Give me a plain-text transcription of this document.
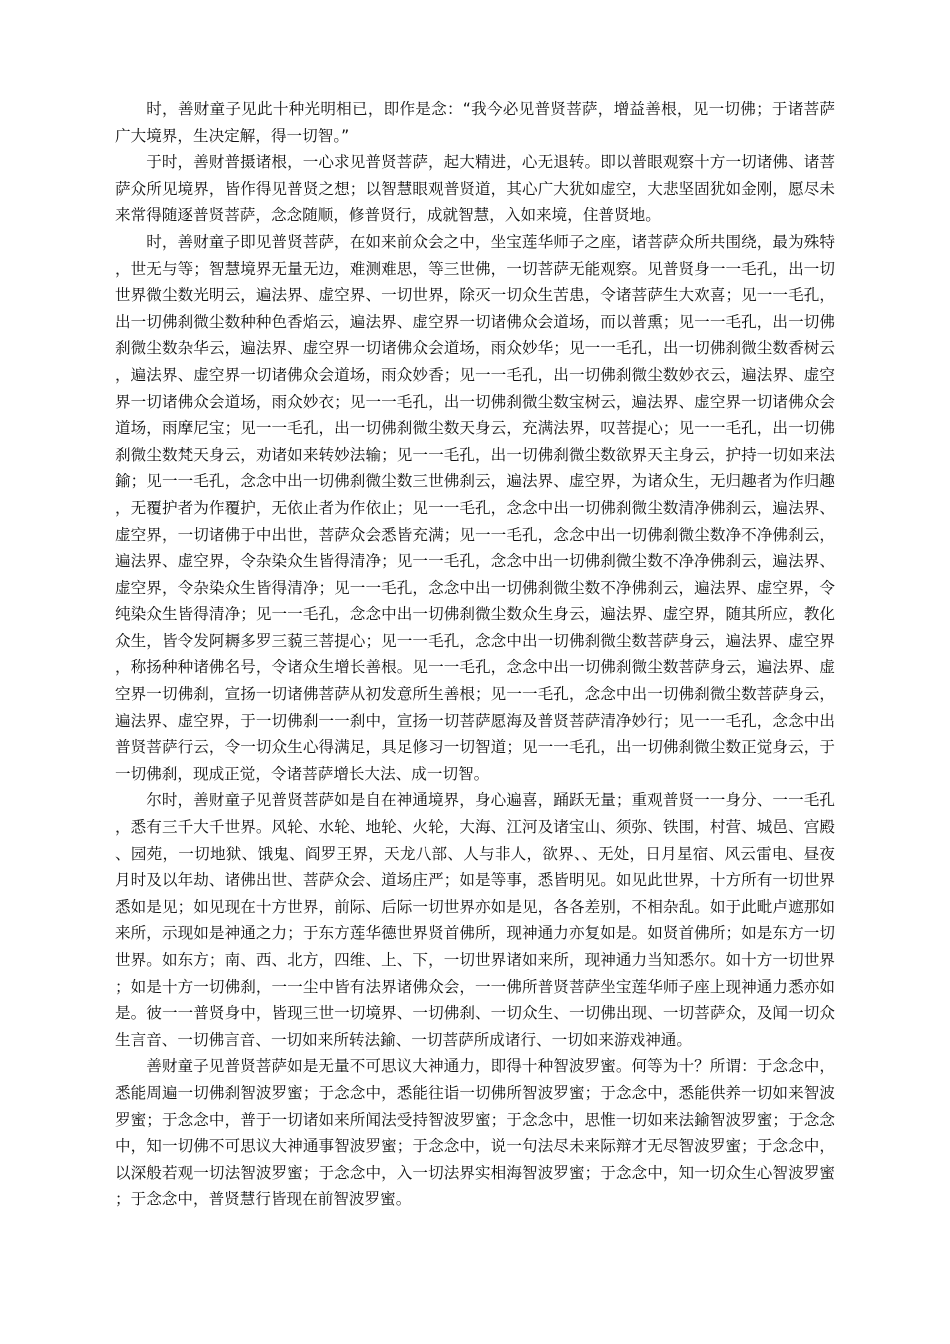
时，善财童子见此十种光明相已，即作是念：“我今必见普贤菩萨，增益善根，见一切佛；于诸菩萨广大境界，生决定解，得一切智。”

于时，善财普摄诸根，一心求见普贤菩萨，起大精进，心无退转。即以普眼观察十方一切诸佛、诸菩萨众所见境界，皆作得见普贤之想；以智慧眼观普贤道，其心广大犹如虚空，大悲坚固犹如金刚，愿尽未来常得随逐普贤菩萨，念念随顺，修普贤行，成就智慧，入如来境，住普贤地。

时，善财童子即见普贤菩萨，在如来前众会之中，坐宝莲华师子之座，诸菩萨众所共围绕，最为殊特，世无与等；智慧境界无量无边，难测难思，等三世佛，一切菩萨无能观察。见普贤身一一毛孔，出一切世界微尘数光明云，遍法界、虚空界、一切世界，除灭一切众生苦患，令诸菩萨生大欢喜；见一一毛孔，出一切佛刹微尘数种种色香焰云，遍法界、虚空界一切诸佛众会道场，而以普熏；见一一毛孔，出一切佛刹微尘数杂华云，遍法界、虚空界一切诸佛众会道场，雨众妙华；见一一毛孔，出一切佛刹微尘数香树云，遍法界、虚空界一切诸佛众会道场，雨众妙香；见一一毛孔，出一切佛刹微尘数妙衣云，遍法界、虚空界一切诸佛众会道场，雨众妙衣；见一一毛孔，出一切佛刹微尘数宝树云，遍法界、虚空界一切诸佛众会道场，雨摩尼宝；见一一毛孔，出一切佛刹微尘数天身云，充满法界，叹菩提心；见一一毛孔，出一切佛刹微尘数梵天身云，劝诸如来转妙法输；见一一毛孔，出一切佛刹微尘数欲界天主身云，护持一切如来法鍮；见一一毛孔，念念中出一切佛刹微尘数三世佛刹云，遍法界、虚空界，为诸众生，无归趣者为作归趣，无覆护者为作覆护，无依止者为作依止；见一一毛孔，念念中出一切佛刹微尘数清净佛刹云，遍法界、虚空界，一切诸佛于中出世，菩萨众会悉皆充满；见一一毛孔，念念中出一切佛刹微尘数净不净佛刹云，遍法界、虚空界，令杂染众生皆得清净；见一一毛孔，念念中出一切佛刹微尘数不净净佛刹云，遍法界、虚空界，令杂染众生皆得清净；见一一毛孔，念念中出一切佛刹微尘数不净佛刹云，遍法界、虚空界，令纯染众生皆得清净；见一一毛孔，念念中出一切佛刹微尘数众生身云，遍法界、虚空界，随其所应，教化众生，皆令发阿耨多罗三藐三菩提心；见一一毛孔，念念中出一切佛刹微尘数菩萨身云，遍法界、虚空界，称扬种种诸佛名号，令诸众生增长善根。见一一毛孔，念念中出一切佛刹微尘数菩萨身云，遍法界、虚空界一切佛刹，宣扬一切诸佛菩萨从初发意所生善根；见一一毛孔，念念中出一切佛刹微尘数菩萨身云，遍法界、虚空界，于一切佛刹一一刹中，宣扬一切菩萨愿海及普贤菩萨清净妙行；见一一毛孔，念念中出普贤菩萨行云，令一切众生心得满足，具足修习一切智道；见一一毛孔，出一切佛刹微尘数正觉身云，于一切佛刹，现成正觉，令诸菩萨增长大法、成一切智。

尔时，善财童子见普贤菩萨如是自在神通境界，身心遍喜，踊跃无量；重观普贤一一身分、一一毛孔，悉有三千大千世界。风轮、水轮、地轮、火轮，大海、江河及诸宝山、须弥、铁围，村营、城邑、宫殿、园苑，一切地狱、饿鬼、阎罗王界，天龙八部、人与非人，欲界、、无处，日月星宿、风云雷电、昼夜月时及以年劫、诸佛出世、菩萨众会、道场庄严；如是等事，悉皆明见。如见此世界，十方所有一切世界悉如是见；如见现在十方世界，前际、后际一切世界亦如是见，各各差别，不相杂乱。如于此毗卢遮那如来所，示现如是神通之力；于东方莲华德世界贤首佛所，现神通力亦复如是。如贤首佛所；如是东方一切世界。如东方；南、西、北方，四维、上、下，一切世界诸如来所，现神通力当知悉尔。如十方一切世界；如是十方一切佛刹，一一尘中皆有法界诸佛众会，一一佛所普贤菩萨坐宝莲华师子座上现神通力悉亦如是。彼一一普贤身中，皆现三世一切境界、一切佛刹、一切众生、一切佛出现、一切菩萨众，及闻一切众生言音、一切佛言音、一切如来所转法鍮、一切菩萨所成诸行、一切如来游戏神通。

善财童子见普贤菩萨如是无量不可思议大神通力，即得十种智波罗蜜。何等为十？所谓：于念念中，悉能周遍一切佛刹智波罗蜜；于念念中，悉能往诣一切佛所智波罗蜜；于念念中，悉能供养一切如来智波罗蜜；于念念中，普于一切诸如来所闻法受持智波罗蜜；于念念中，思惟一切如来法鍮智波罗蜜；于念念中，知一切佛不可思议大神通事智波罗蜜；于念念中，说一句法尽未来际辩才无尽智波罗蜜；于念念中，以深般若观一切法智波罗蜜；于念念中，入一切法界实相海智波罗蜜；于念念中，知一切众生心智波罗蜜；于念念中，普贤慧行皆现在前智波罗蜜。
